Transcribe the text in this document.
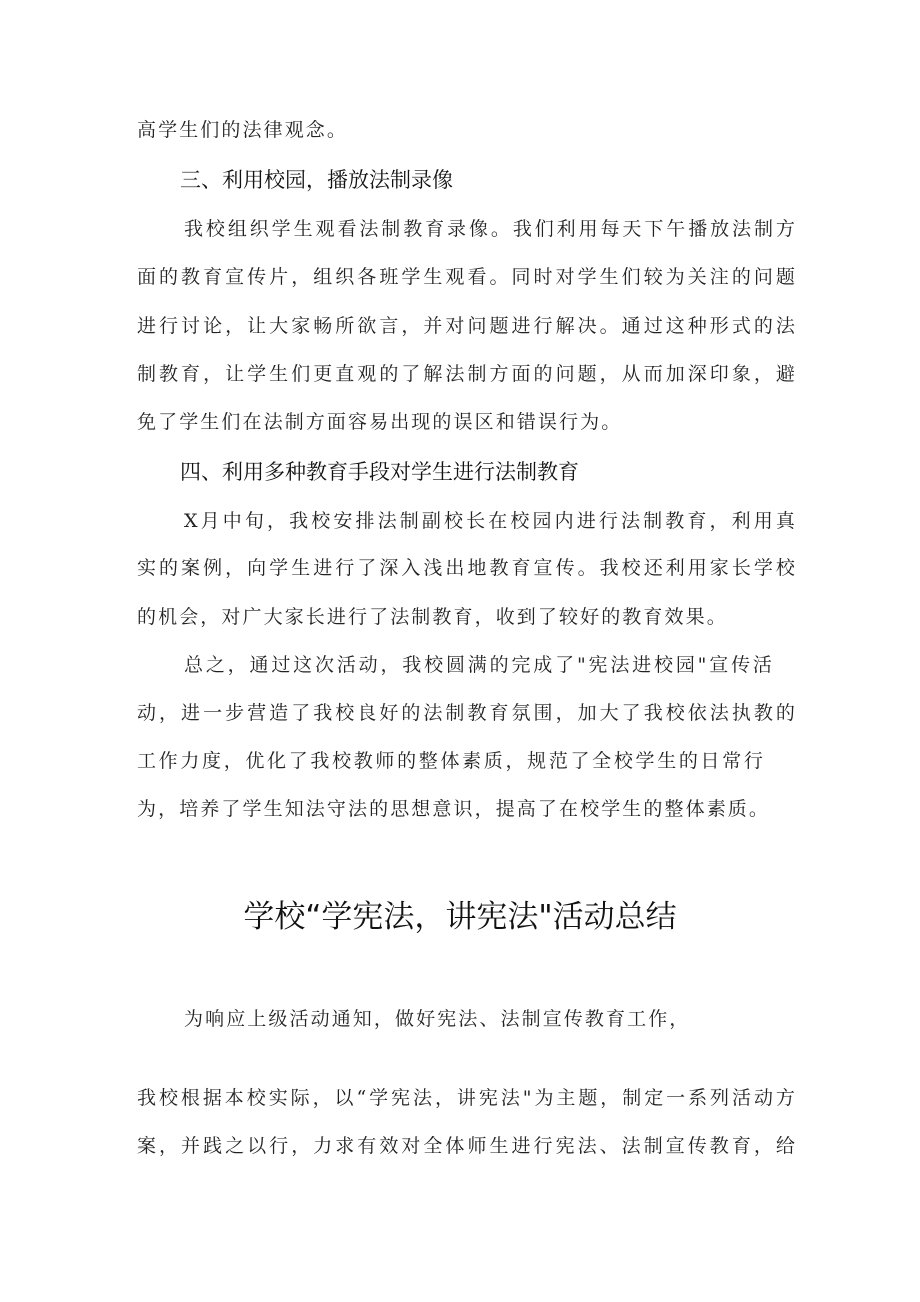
高学生们的法律观念。
三、利用校园，播放法制录像
我校组织学生观看法制教育录像。我们利用每天下午播放法制方
面的教育宣传片，组织各班学生观看。同时对学生们较为关注的问题
进行讨论，让大家畅所欲言，并对问题进行解决。通过这种形式的法
制教育，让学生们更直观的了解法制方面的问题，从而加深印象，避
免了学生们在法制方面容易出现的误区和错误行为。
四、利用多种教育手段对学生进行法制教育
X月中旬，我校安排法制副校长在校园内进行法制教育，利用真
实的案例，向学生进行了深入浅出地教育宣传。我校还利用家长学校
的机会，对广大家长进行了法制教育，收到了较好的教育效果。
总之，通过这次活动，我校圆满的完成了"宪法进校园"宣传活
动，进一步营造了我校良好的法制教育氛围，加大了我校依法执教的
工作力度，优化了我校教师的整体素质，规范了全校学生的日常行
为，培养了学生知法守法的思想意识，提高了在校学生的整体素质。
学校“学宪法，讲宪法"活动总结
为响应上级活动通知，做好宪法、法制宣传教育工作，
我校根据本校实际，以“学宪法，讲宪法"为主题，制定一系列活动方
案，并践之以行，力求有效对全体师生进行宪法、法制宣传教育，给
